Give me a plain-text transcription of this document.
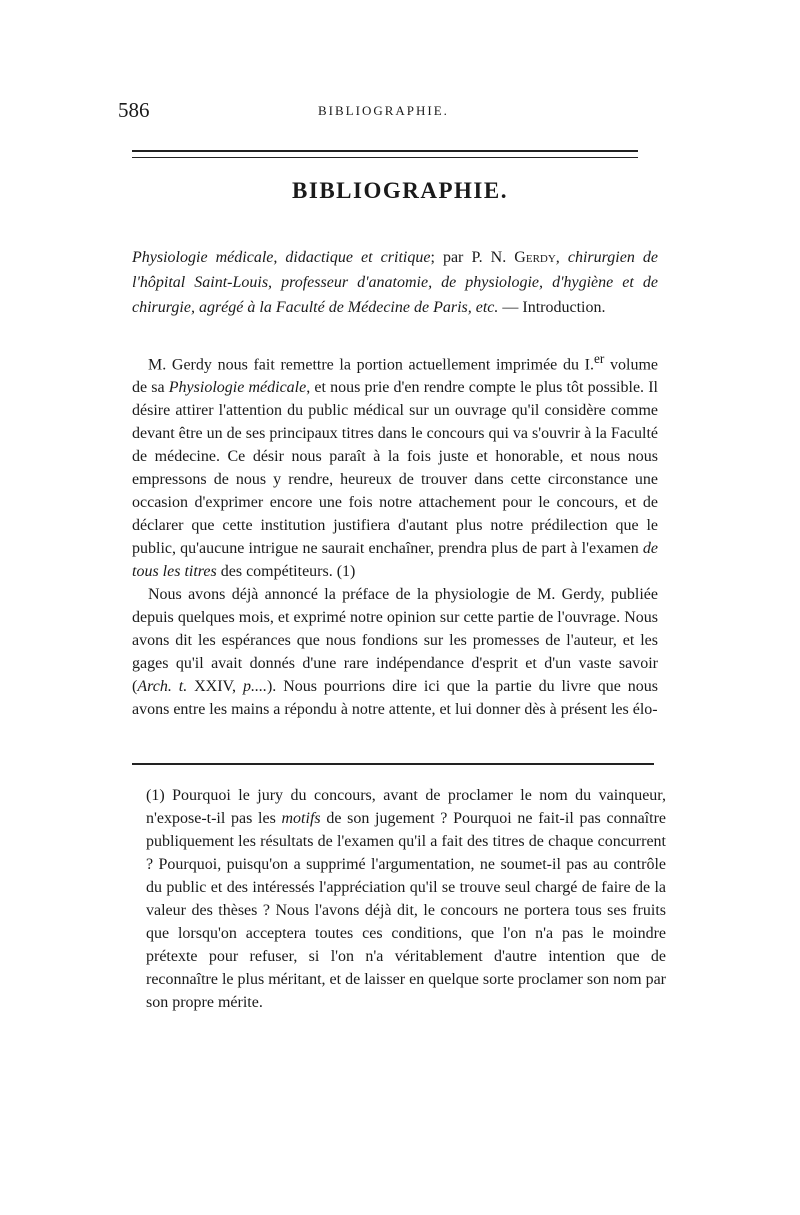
586	BIBLIOGRAPHIE.
BIBLIOGRAPHIE.
Physiologie médicale, didactique et critique; par P. N. Gerdy, chirurgien de l'hôpital Saint-Louis, professeur d'anatomie, de physiologie, d'hygiène et de chirurgie, agrégé à la Faculté de Médecine de Paris, etc. — Introduction.

M. Gerdy nous fait remettre la portion actuellement imprimée du I.$^{er}$ volume de sa Physiologie médicale, et nous prie d'en rendre compte le plus tôt possible. Il désire attirer l'attention du public médical sur un ouvrage qu'il considère comme devant être un de ses principaux titres dans le concours qui va s'ouvrir à la Faculté de médecine. Ce désir nous paraît à la fois juste et honorable, et nous nous empressons de nous y rendre, heureux de trouver dans cette circonstance une occasion d'exprimer encore une fois notre attachement pour le concours, et de déclarer que cette institution justifiera d'autant plus notre prédilection que le public, qu'aucune intrigue ne saurait enchaîner, prendra plus de part à l'examen de tous les titres des compétiteurs. (1)

Nous avons déjà annoncé la préface de la physiologie de M. Gerdy, publiée depuis quelques mois, et exprimé notre opinion sur cette partie de l'ouvrage. Nous avons dit les espérances que nous fondions sur les promesses de l'auteur, et les gages qu'il avait donnés d'une rare indépendance d'esprit et d'un vaste savoir (Arch. t. XXIV, p....). Nous pourrions dire ici que la partie du livre que nous avons entre les mains a répondu à notre attente, et lui donner dès à présent les élo-

(1) Pourquoi le jury du concours, avant de proclamer le nom du vainqueur, n'expose-t-il pas les motifs de son jugement ? Pourquoi ne fait-il pas connaître publiquement les résultats de l'examen qu'il a fait des titres de chaque concurrent ? Pourquoi, puisqu'on a supprimé l'argumentation, ne soumet-il pas au contrôle du public et des intéressés l'appréciation qu'il se trouve seul chargé de faire de la valeur des thèses ? Nous l'avons déjà dit, le concours ne portera tous ses fruits que lorsqu'on acceptera toutes ces conditions, que l'on n'a pas le moindre prétexte pour refuser, si l'on n'a véritablement d'autre intention que de reconnaître le plus méritant, et de laisser en quelque sorte proclamer son nom par son propre mérite.
